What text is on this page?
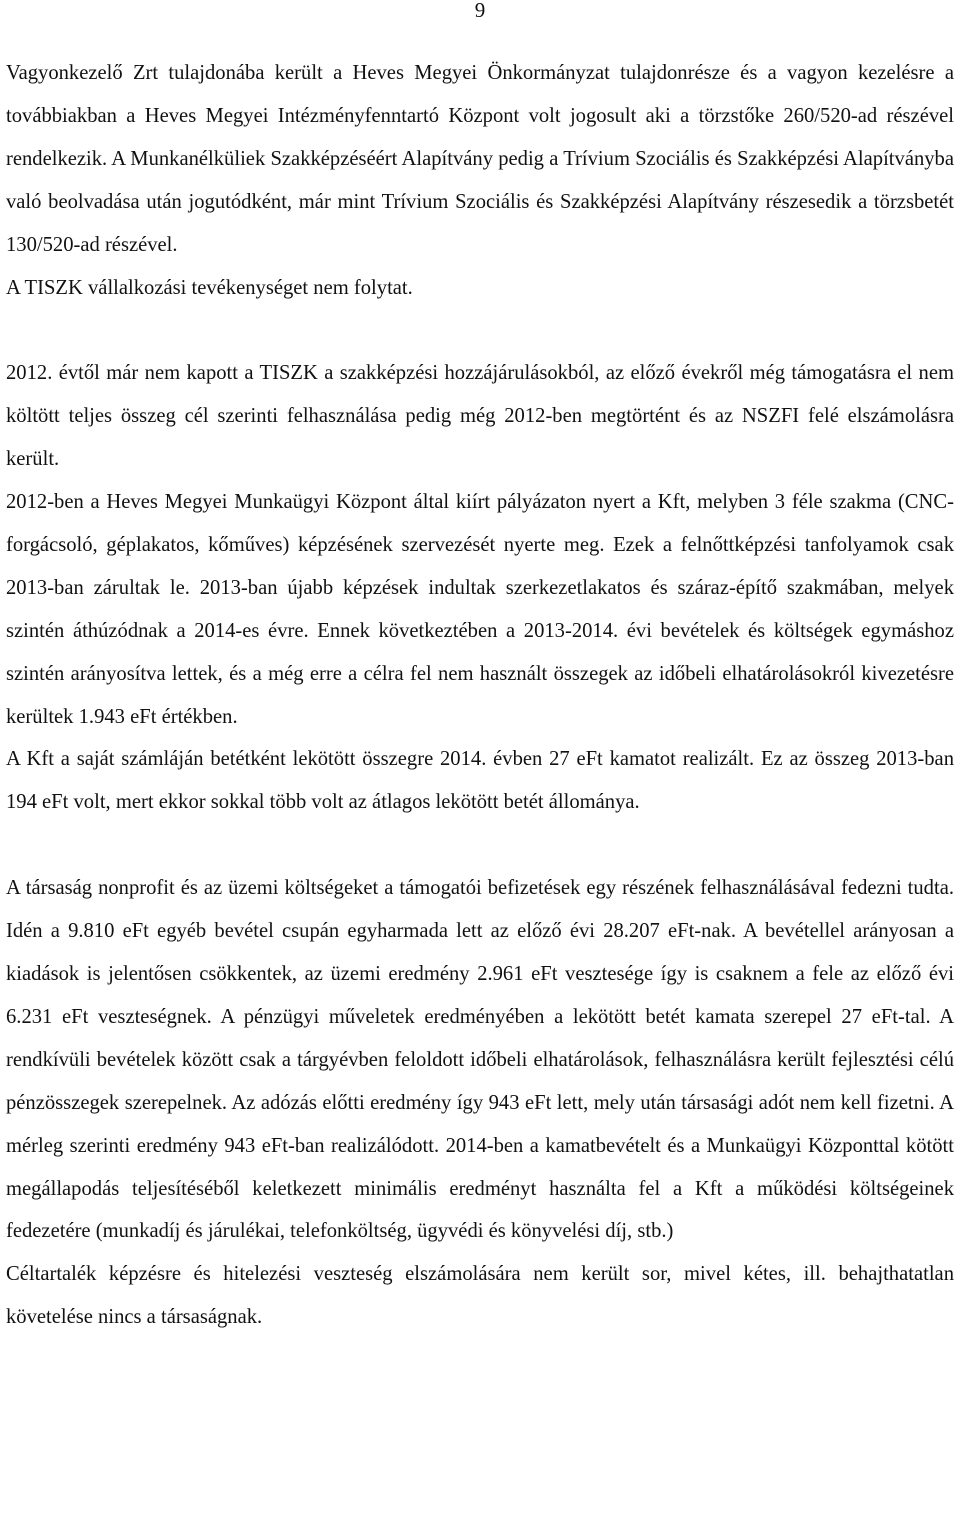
9

Vagyonkezelő Zrt tulajdonába került a Heves Megyei Önkormányzat tulajdonrésze és a vagyon kezelésre a továbbiakban a Heves Megyei Intézményfenntartó Központ volt jogosult aki a törzstőke 260/520-ad részével rendelkezik. A Munkanélküliek Szakképzéséért Alapítvány pedig a Trívium Szociális és Szakképzési Alapítványba való beolvadása után jogutódként, már mint Trívium Szociális és Szakképzési Alapítvány részesedik a törzsbetét 130/520-ad részével.

A TISZK vállalkozási tevékenységet nem folytat.

2012. évtől már nem kapott a TISZK a szakképzési hozzájárulásokból, az előző évekről még támogatásra el nem költött teljes összeg cél szerinti felhasználása pedig még 2012-ben megtörtént és az NSZFI felé elszámolásra került.

2012-ben a Heves Megyei Munkaügyi Központ által kiírt pályázaton nyert a Kft, melyben 3 féle szakma (CNC-forgácsoló, géplakatos, kőműves) képzésének szervezését nyerte meg. Ezek a felnőttképzési tanfolyamok csak 2013-ban zárultak le. 2013-ban újabb képzések indultak szerkezetlakatos és száraz-építő szakmában, melyek szintén áthúzódnak a 2014-es évre. Ennek következtében a 2013-2014. évi bevételek és költségek egymáshoz szintén arányosítva lettek, és a még erre a célra fel nem használt összegek az időbeli elhatárolásokról kivezetésre kerültek 1.943 eFt értékben.

A Kft a saját számláján betétként lekötött összegre 2014. évben 27 eFt kamatot realizált. Ez az összeg 2013-ban 194 eFt volt, mert ekkor sokkal több volt az átlagos lekötött betét állománya.

A társaság nonprofit és az üzemi költségeket a támogatói befizetések egy részének felhasználásával fedezni tudta. Idén a 9.810 eFt egyéb bevétel csupán egyharmada lett az előző évi 28.207 eFt-nak. A bevétellel arányosan a kiadások is jelentősen csökkentek, az üzemi eredmény 2.961 eFt vesztesége így is csaknem a fele az előző évi 6.231 eFt veszteségnek. A pénzügyi műveletek eredményében a lekötött betét kamata szerepel 27 eFt-tal. A rendkívüli bevételek között csak a tárgyévben feloldott időbeli elhatárolások, felhasználásra került fejlesztési célú pénzösszegek szerepelnek. Az adózás előtti eredmény így 943 eFt lett, mely után társasági adót nem kell fizetni. A mérleg szerinti eredmény 943 eFt-ban realizálódott. 2014-ben a kamatbevételt és a Munkaügyi Központtal kötött megállapodás teljesítéséből keletkezett minimális eredményt használta fel a Kft a működési költségeinek fedezetére (munkadíj és járulékai, telefonköltség, ügyvédi és könyvelési díj, stb.)

Céltartalék képzésre és hitelezési veszteség elszámolására nem került sor, mivel kétes, ill. behajthatatlan követelése nincs a társaságnak.
